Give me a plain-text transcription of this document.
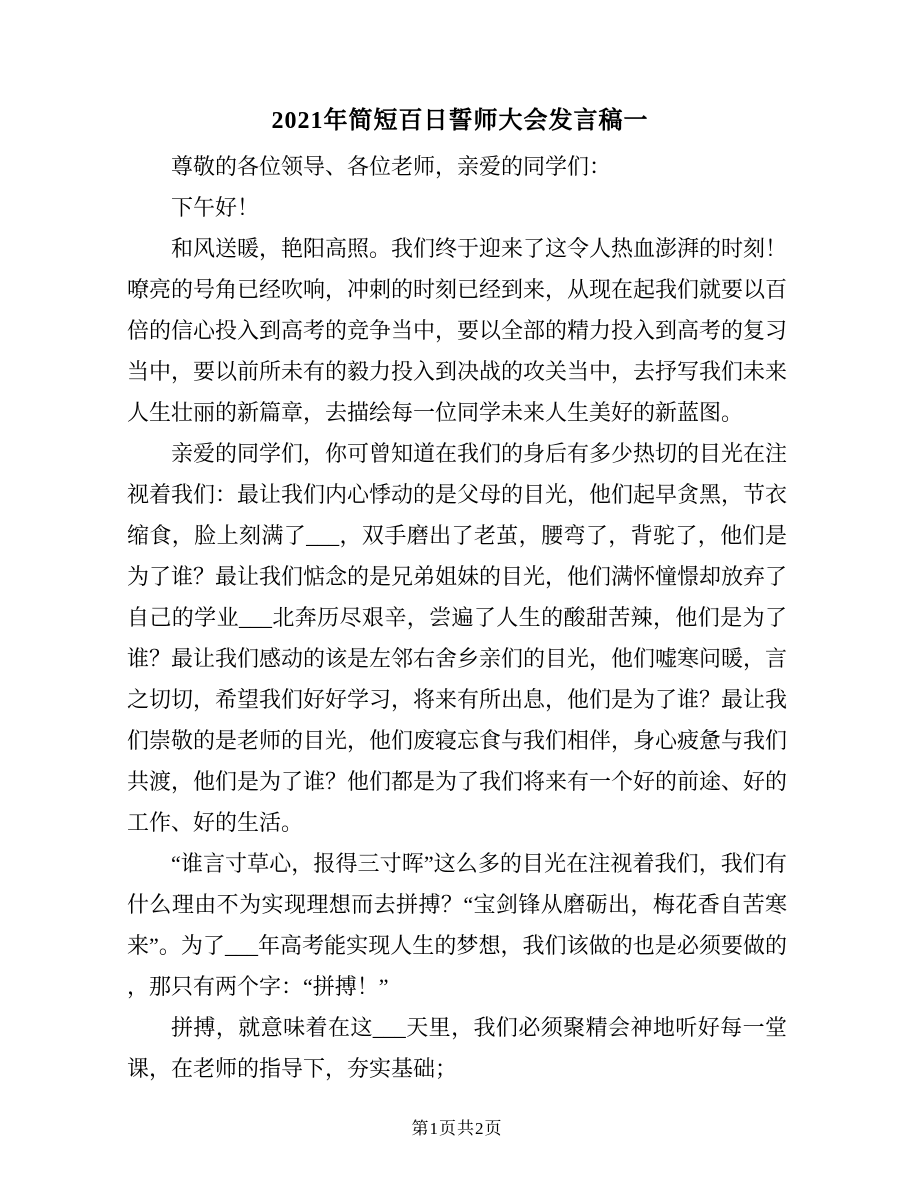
2021年简短百日誓师大会发言稿一

尊敬的各位领导、各位老师，亲爱的同学们：

下午好！

和风送暖，艳阳高照。我们终于迎来了这令人热血澎湃的时刻！嘹亮的号角已经吹响，冲刺的时刻已经到来，从现在起我们就要以百倍的信心投入到高考的竞争当中，要以全部的精力投入到高考的复习当中，要以前所未有的毅力投入到决战的攻关当中，去抒写我们未来人生壮丽的新篇章，去描绘每一位同学未来人生美好的新蓝图。

亲爱的同学们，你可曾知道在我们的身后有多少热切的目光在注视着我们：最让我们内心悸动的是父母的目光，他们起早贪黑，节衣缩食，脸上刻满了___，双手磨出了老茧，腰弯了，背驼了，他们是为了谁？最让我们惦念的是兄弟姐妹的目光，他们满怀憧憬却放弃了自己的学业___北奔历尽艰辛，尝遍了人生的酸甜苦辣，他们是为了谁？最让我们感动的该是左邻右舍乡亲们的目光，他们嘘寒问暖，言之切切，希望我们好好学习，将来有所出息，他们是为了谁？最让我们崇敬的是老师的目光，他们废寝忘食与我们相伴，身心疲惫与我们共渡，他们是为了谁？他们都是为了我们将来有一个好的前途、好的工作、好的生活。

“谁言寸草心，报得三寸晖”这么多的目光在注视着我们，我们有什么理由不为实现理想而去拼搏？“宝剑锋从磨砺出，梅花香自苦寒来”。为了___年高考能实现人生的梦想，我们该做的也是必须要做的，那只有两个字：“拼搏！”

拼搏，就意味着在这___天里，我们必须聚精会神地听好每一堂课，在老师的指导下，夯实基础；

第1页共2页
